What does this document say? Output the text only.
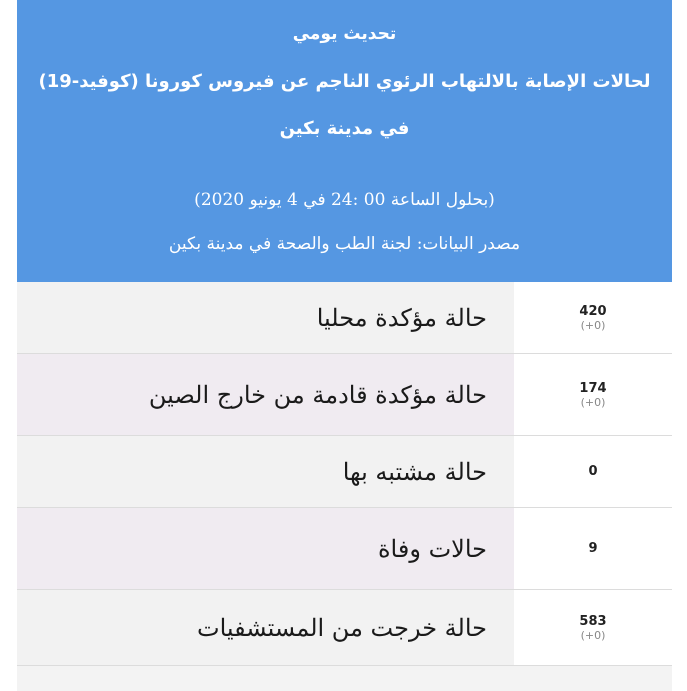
تحديث يومي
لحالات الإصابة بالالتهاب الرئوي الناجم عن فيروس كورونا (كوفيد-19)
في مدينة بكين
(بحلول الساعة 00 :24 في 4 يونيو 2020)
مصدر البيانات: لجنة الطب والصحة في مدينة بكين
حالة مؤكدة محليا	420
(+0)
حالة مؤكدة قادمة من خارج الصين	174
(+0)
حالة مشتبه بها	0
حالات وفاة	9
حالة خرجت من المستشفيات	583
(+0)
